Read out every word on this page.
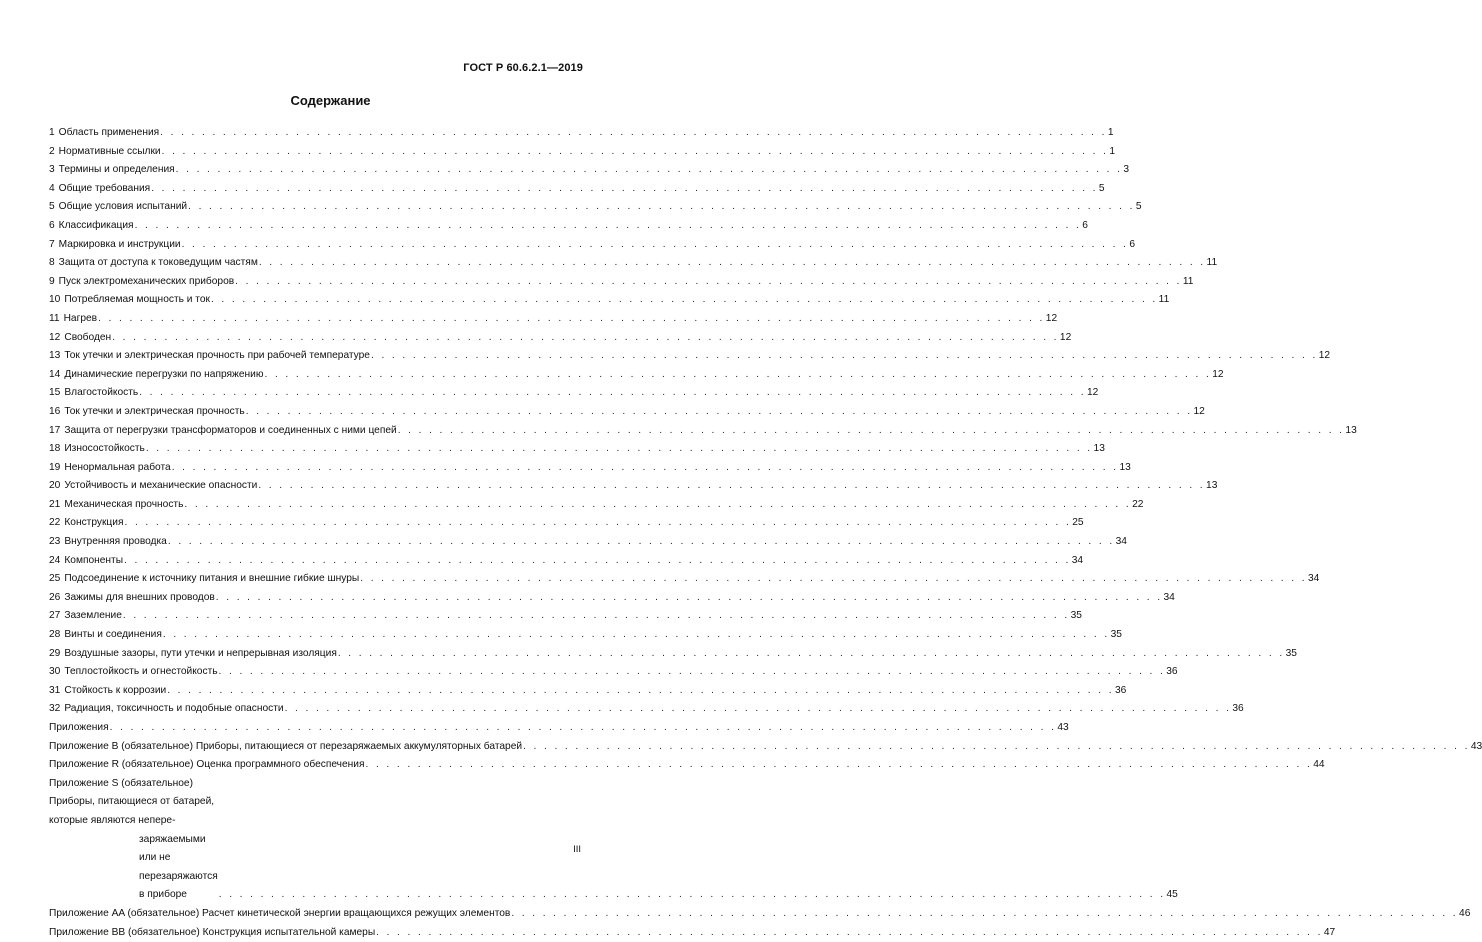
ГОСТ Р 60.6.2.1—2019
Содержание
1 Область применения . . . . . . . . . . . . . . . . . . . . . . . . . . . . . . . . . . . . . . . . . . . . . . . . . . . . . . . . . . . . . . . . . . . . . . . . . . . . . . . . . . . . . . . . . . . 1
2 Нормативные ссылки . . . . . . . . . . . . . . . . . . . . . . . . . . . . . . . . . . . . . . . . . . . . . . . . . . . . . . . . . . . . . . . . . . . . . . . . . . . . . . . . . . . . . . . . . . . 1
3 Термины и определения . . . . . . . . . . . . . . . . . . . . . . . . . . . . . . . . . . . . . . . . . . . . . . . . . . . . . . . . . . . . . . . . . . . . . . . . . . . . . . . . . . . . . . . . . . . 3
4 Общие требования . . . . . . . . . . . . . . . . . . . . . . . . . . . . . . . . . . . . . . . . . . . . . . . . . . . . . . . . . . . . . . . . . . . . . . . . . . . . . . . . . . . . . . . . . . . 5
5 Общие условия испытаний . . . . . . . . . . . . . . . . . . . . . . . . . . . . . . . . . . . . . . . . . . . . . . . . . . . . . . . . . . . . . . . . . . . . . . . . . . . . . . . . . . . . . . . . . . . 5
6 Классификация . . . . . . . . . . . . . . . . . . . . . . . . . . . . . . . . . . . . . . . . . . . . . . . . . . . . . . . . . . . . . . . . . . . . . . . . . . . . . . . . . . . . . . . . . . . 6
7 Маркировка и инструкции . . . . . . . . . . . . . . . . . . . . . . . . . . . . . . . . . . . . . . . . . . . . . . . . . . . . . . . . . . . . . . . . . . . . . . . . . . . . . . . . . . . . . . . . . . . 6
8 Защита от доступа к токоведущим частям . . . . . . . . . . . . . . . . . . . . . . . . . . . . . . . . . . . . . . . . . . . . . . . . . . . . . . . . . . . . . . . . . . . . . . . . . . . . . . . . . . . . . . . . . . . 11
9 Пуск электромеханических приборов . . . . . . . . . . . . . . . . . . . . . . . . . . . . . . . . . . . . . . . . . . . . . . . . . . . . . . . . . . . . . . . . . . . . . . . . . . . . . . . . . . . . . . . . . . . 11
10 Потребляемая мощность и ток . . . . . . . . . . . . . . . . . . . . . . . . . . . . . . . . . . . . . . . . . . . . . . . . . . . . . . . . . . . . . . . . . . . . . . . . . . . . . . . . . . . . . . . . . . . 11
11 Нагрев . . . . . . . . . . . . . . . . . . . . . . . . . . . . . . . . . . . . . . . . . . . . . . . . . . . . . . . . . . . . . . . . . . . . . . . . . . . . . . . . . . . . . . . . . . . 12
12 Свободен . . . . . . . . . . . . . . . . . . . . . . . . . . . . . . . . . . . . . . . . . . . . . . . . . . . . . . . . . . . . . . . . . . . . . . . . . . . . . . . . . . . . . . . . . . . 12
13 Ток утечки и электрическая прочность при рабочей температуре . . . . . . . . . . . . . . . . . . . . . . . . . . . . . . . . . . . . . . . . . . . . . . . . . . . . . . . . . . . . . . . . . . . . . . . . . . . . . . . . . . . . . . . . . . . 12
14 Динамические перегрузки по напряжению . . . . . . . . . . . . . . . . . . . . . . . . . . . . . . . . . . . . . . . . . . . . . . . . . . . . . . . . . . . . . . . . . . . . . . . . . . . . . . . . . . . . . . . . . . . 12
15 Влагостойкость . . . . . . . . . . . . . . . . . . . . . . . . . . . . . . . . . . . . . . . . . . . . . . . . . . . . . . . . . . . . . . . . . . . . . . . . . . . . . . . . . . . . . . . . . . . 12
16 Ток утечки и электрическая прочность . . . . . . . . . . . . . . . . . . . . . . . . . . . . . . . . . . . . . . . . . . . . . . . . . . . . . . . . . . . . . . . . . . . . . . . . . . . . . . . . . . . . . . . . . . . 12
17 Защита от перегрузки трансформаторов и соединенных с ними цепей . . . . . . . . . . . . . . . . . . . . . . . . . . . . . . . . . . . . . . . . . . . . . . . . . . . . . . . . . . . . . . . . . . . . . . . . . . . . . . . . . . . . . . . . . . . 13
18 Износостойкость . . . . . . . . . . . . . . . . . . . . . . . . . . . . . . . . . . . . . . . . . . . . . . . . . . . . . . . . . . . . . . . . . . . . . . . . . . . . . . . . . . . . . . . . . . . 13
19 Ненормальная работа . . . . . . . . . . . . . . . . . . . . . . . . . . . . . . . . . . . . . . . . . . . . . . . . . . . . . . . . . . . . . . . . . . . . . . . . . . . . . . . . . . . . . . . . . . . 13
20 Устойчивость и механические опасности . . . . . . . . . . . . . . . . . . . . . . . . . . . . . . . . . . . . . . . . . . . . . . . . . . . . . . . . . . . . . . . . . . . . . . . . . . . . . . . . . . . . . . . . . . . 13
21 Механическая прочность . . . . . . . . . . . . . . . . . . . . . . . . . . . . . . . . . . . . . . . . . . . . . . . . . . . . . . . . . . . . . . . . . . . . . . . . . . . . . . . . . . . . . . . . . . . 22
22 Конструкция . . . . . . . . . . . . . . . . . . . . . . . . . . . . . . . . . . . . . . . . . . . . . . . . . . . . . . . . . . . . . . . . . . . . . . . . . . . . . . . . . . . . . . . . . . . 25
23 Внутренняя проводка . . . . . . . . . . . . . . . . . . . . . . . . . . . . . . . . . . . . . . . . . . . . . . . . . . . . . . . . . . . . . . . . . . . . . . . . . . . . . . . . . . . . . . . . . . . 34
24 Компоненты . . . . . . . . . . . . . . . . . . . . . . . . . . . . . . . . . . . . . . . . . . . . . . . . . . . . . . . . . . . . . . . . . . . . . . . . . . . . . . . . . . . . . . . . . . . 34
25 Подсоединение к источнику питания и внешние гибкие шнуры . . . . . . . . . . . . . . . . . . . . . . . . . . . . . . . . . . . . . . . . . . . . . . . . . . . . . . . . . . . . . . . . . . . . . . . . . . . . . . . . . . . . . . . . . . . 34
26 Зажимы для внешних проводов . . . . . . . . . . . . . . . . . . . . . . . . . . . . . . . . . . . . . . . . . . . . . . . . . . . . . . . . . . . . . . . . . . . . . . . . . . . . . . . . . . . . . . . . . . . 34
27 Заземление . . . . . . . . . . . . . . . . . . . . . . . . . . . . . . . . . . . . . . . . . . . . . . . . . . . . . . . . . . . . . . . . . . . . . . . . . . . . . . . . . . . . . . . . . . . 35
28 Винты и соединения . . . . . . . . . . . . . . . . . . . . . . . . . . . . . . . . . . . . . . . . . . . . . . . . . . . . . . . . . . . . . . . . . . . . . . . . . . . . . . . . . . . . . . . . . . . 35
29 Воздушные зазоры, пути утечки и непрерывная изоляция . . . . . . . . . . . . . . . . . . . . . . . . . . . . . . . . . . . . . . . . . . . . . . . . . . . . . . . . . . . . . . . . . . . . . . . . . . . . . . . . . . . . . . . . . . . 35
30 Теплостойкость и огнестойкость . . . . . . . . . . . . . . . . . . . . . . . . . . . . . . . . . . . . . . . . . . . . . . . . . . . . . . . . . . . . . . . . . . . . . . . . . . . . . . . . . . . . . . . . . . . 36
31 Стойкость к коррозии . . . . . . . . . . . . . . . . . . . . . . . . . . . . . . . . . . . . . . . . . . . . . . . . . . . . . . . . . . . . . . . . . . . . . . . . . . . . . . . . . . . . . . . . . . . 36
32 Радиация, токсичность и подобные опасности . . . . . . . . . . . . . . . . . . . . . . . . . . . . . . . . . . . . . . . . . . . . . . . . . . . . . . . . . . . . . . . . . . . . . . . . . . . . . . . . . . . . . . . . . . . 36
Приложения . . . . . . . . . . . . . . . . . . . . . . . . . . . . . . . . . . . . . . . . . . . . . . . . . . . . . . . . . . . . . . . . . . . . . . . . . . . . . . . . . . . . . . . . . . . 43
Приложение B (обязательное) Приборы, питающиеся от перезаряжаемых аккумуляторных батарей . . . . . . . . . . . . . . . . . . . . . . . . . . . . . . . . . . . . . . . . . . . . . . . . . . . . . . . . . . . . . . . . . . . . . . . . . . . . . . . . . . . . . . . . . . . 43
Приложение R (обязательное) Оценка программного обеспечения . . . . . . . . . . . . . . . . . . . . . . . . . . . . . . . . . . . . . . . . . . . . . . . . . . . . . . . . . . . . . . . . . . . . . . . . . . . . . . . . . . . . . . . . . . . 44
Приложение S (обязательное) Приборы, питающиеся от батарей, которые являются непере-
заряжаемыми или не перезаряжаются в приборе	. . . . . . . . . . . . . . . . . . . . . . . . . . . . . . . . . . . . . . . . . . . . . . . . . . . . . . . . . . . . . . . . . . . . . . . . . . . . . . . . . . . . . . . . . . . 45
Приложение AA (обязательное) Расчет кинетической энергии вращающихся режущих элементов . . . . . . . . . . . . . . . . . . . . . . . . . . . . . . . . . . . . . . . . . . . . . . . . . . . . . . . . . . . . . . . . . . . . . . . . . . . . . . . . . . . . . . . . . . . 46
Приложение BB (обязательное) Конструкция испытательной камеры . . . . . . . . . . . . . . . . . . . . . . . . . . . . . . . . . . . . . . . . . . . . . . . . . . . . . . . . . . . . . . . . . . . . . . . . . . . . . . . . . . . . . . . . . . . 47
III
